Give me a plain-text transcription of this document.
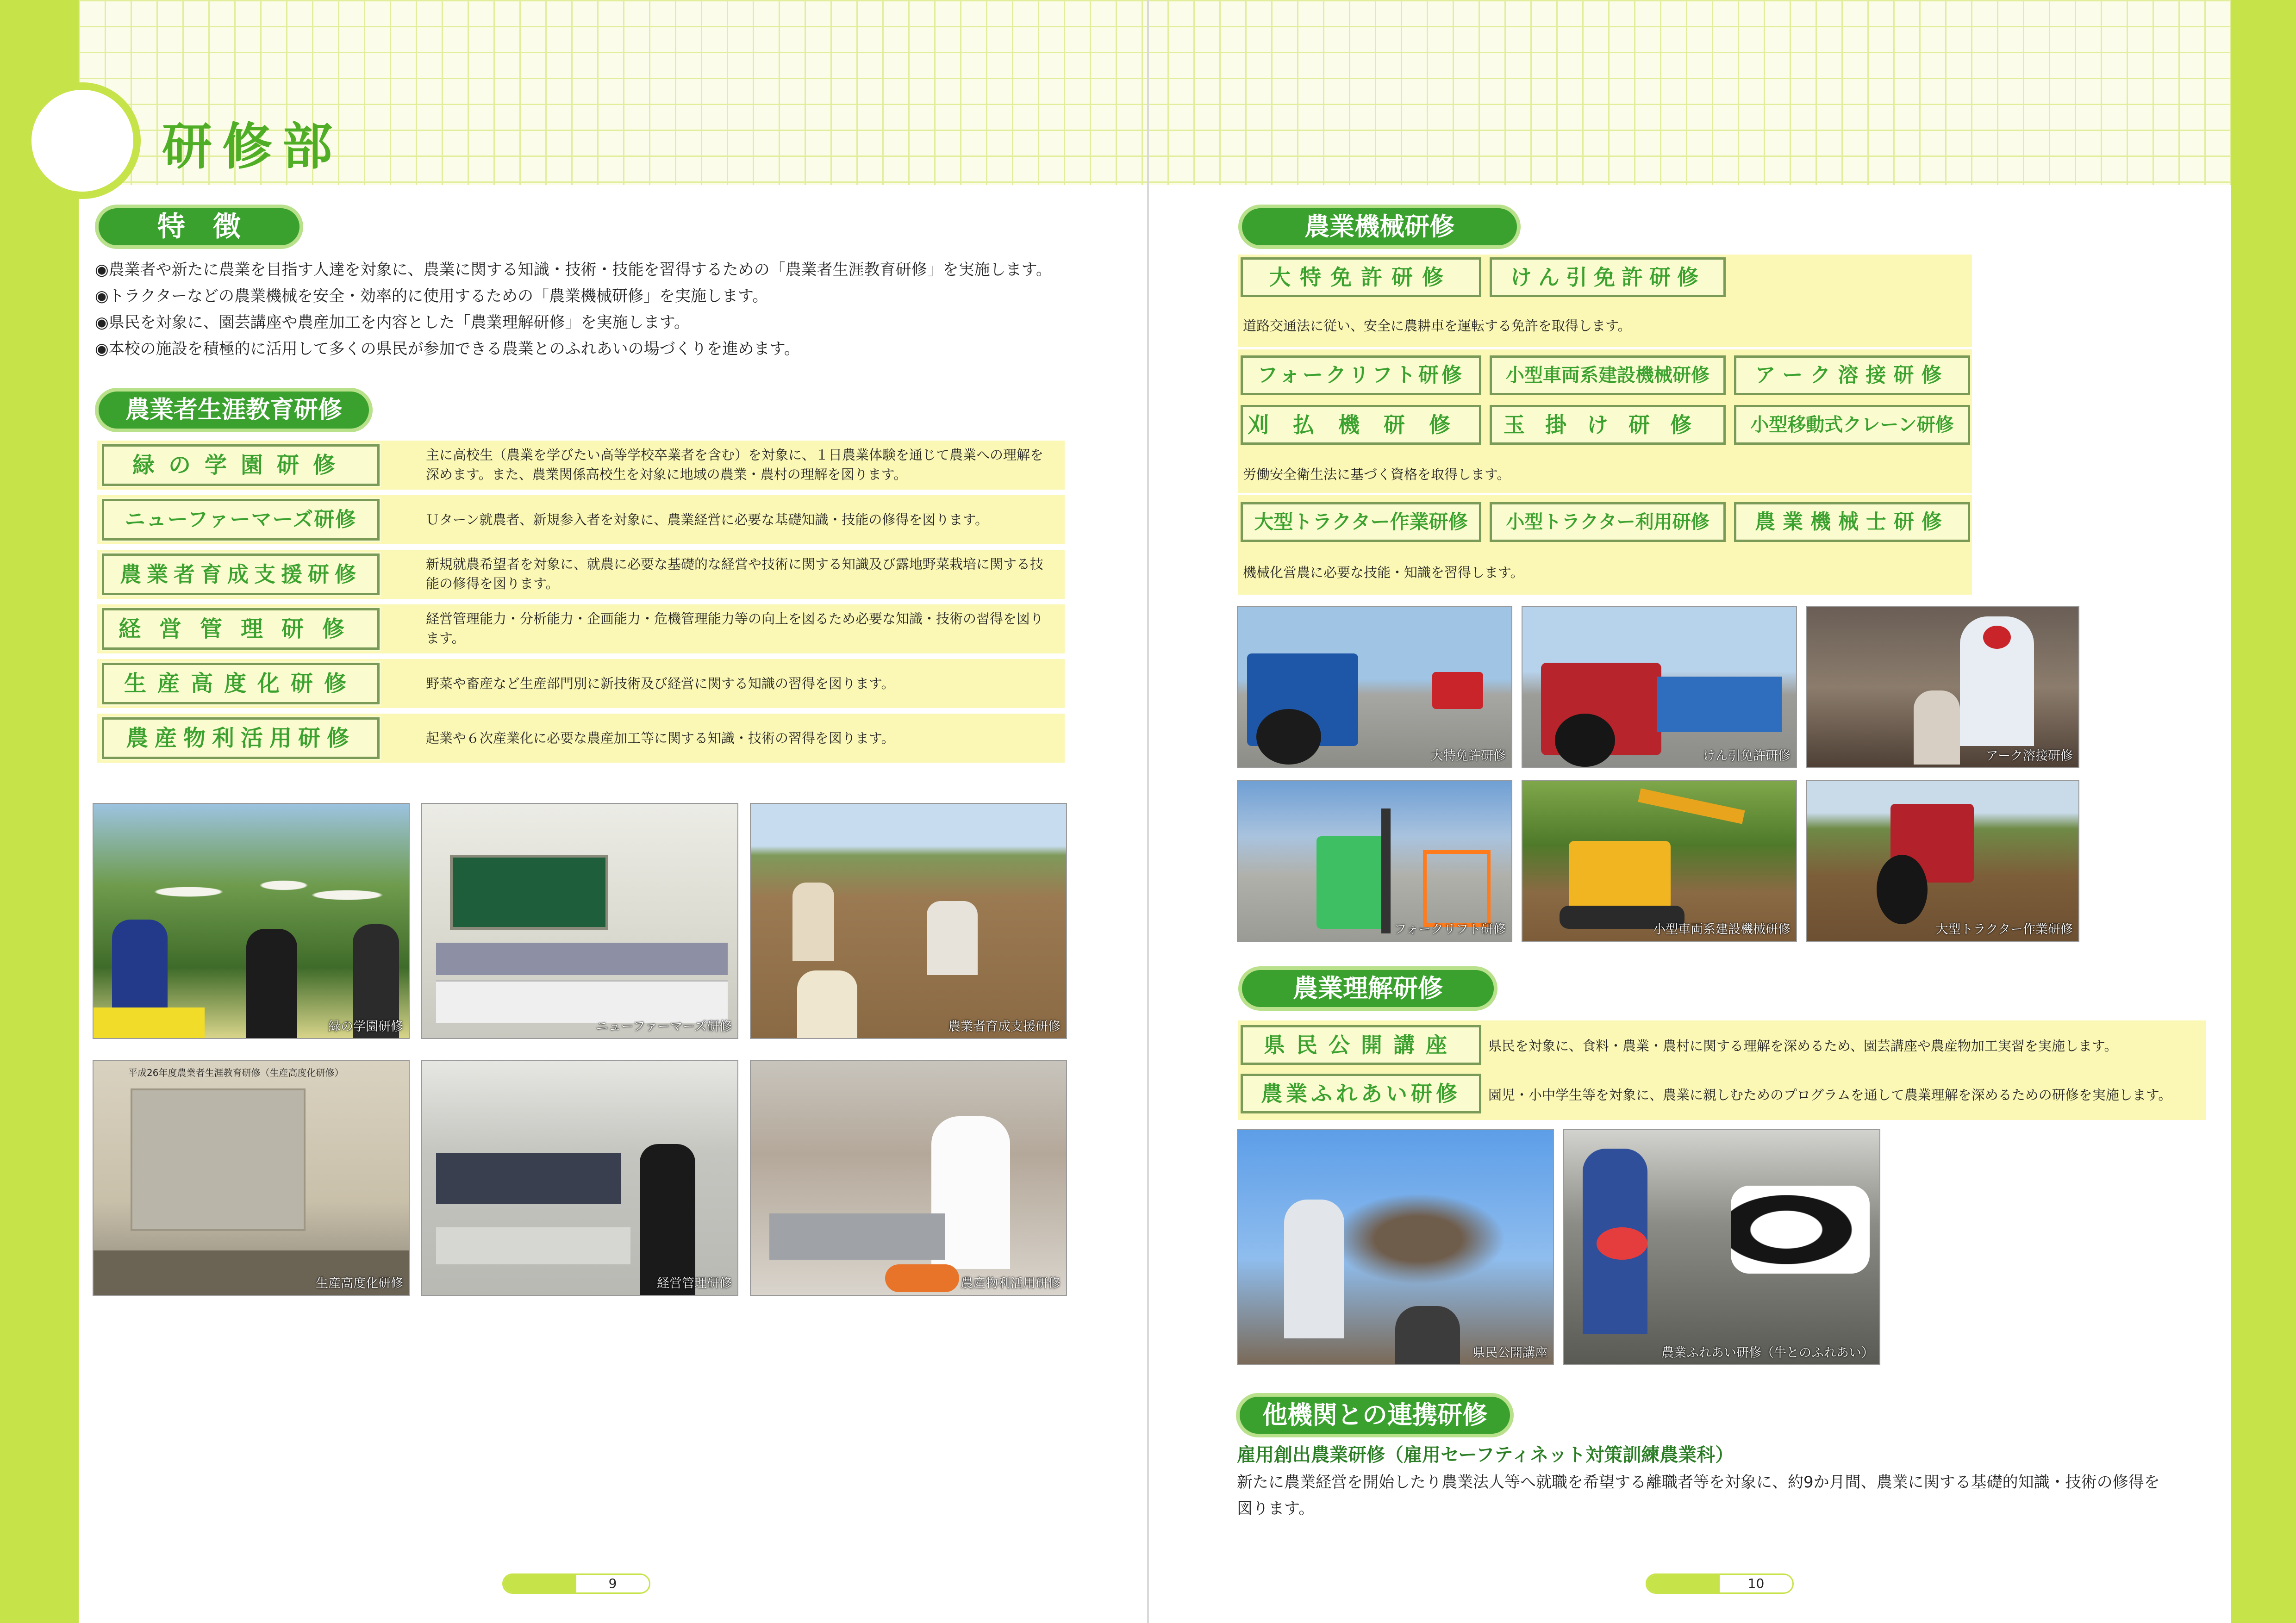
研修部
特　徴
◉農業者や新たに農業を目指す人達を対象に、農業に関する知識・技術・技能を習得するための「農業者生涯教育研修」を実施します。
◉トラクターなどの農業機械を安全・効率的に使用するための「農業機械研修」を実施します。
◉県民を対象に、園芸講座や農産加工を内容とした「農業理解研修」を実施します。
◉本校の施設を積極的に活用して多くの県民が参加できる農業とのふれあいの場づくりを進めます。
農業者生涯教育研修
緑の学園研修	主に高校生（農業を学びたい高等学校卒業者を含む）を対象に、１日農業体験を通じて農業への理解を深めます。また、農業関係高校生を対象に地域の農業・農村の理解を図ります。
ニューファーマーズ研修	Ｕターン就農者、新規参入者を対象に、農業経営に必要な基礎知識・技能の修得を図ります。
農業者育成支援研修	新規就農希望者を対象に、就農に必要な基礎的な経営や技術に関する知識及び露地野菜栽培に関する技能の修得を図ります。
経営管理研修	経営管理能力・分析能力・企画能力・危機管理能力等の向上を図るため必要な知識・技術の習得を図ります。
生産高度化研修	野菜や畜産など生産部門別に新技術及び経営に関する知識の習得を図ります。
農産物利活用研修	起業や６次産業化に必要な農産加工等に関する知識・技術の習得を図ります。
緑の学園研修	ニューファーマーズ研修	農業者育成支援研修
平成26年度農業者生涯教育研修（生産高度化研修）
生産高度化研修	経営管理研修	農産物利活用研修
9
農業機械研修
大特免許研修	けん引免許研修
道路交通法に従い、安全に農耕車を運転する免許を取得します。
フォークリフト研修	小型車両系建設機械研修	アーク溶接研修
刈払機研修	玉掛け研修	小型移動式クレーン研修
労働安全衛生法に基づく資格を取得します。
大型トラクター作業研修	小型トラクター利用研修	農業機械士研修
機械化営農に必要な技能・知識を習得します。
大特免許研修	けん引免許研修	アーク溶接研修
フォークリフト研修	小型車両系建設機械研修	大型トラクター作業研修
農業理解研修
県民公開講座	県民を対象に、食料・農業・農村に関する理解を深めるため、園芸講座や農産物加工実習を実施します。
農業ふれあい研修	園児・小中学生等を対象に、農業に親しむためのプログラムを通して農業理解を深めるための研修を実施します。
県民公開講座	農業ふれあい研修（牛とのふれあい）
他機関との連携研修
雇用創出農業研修（雇用セーフティネット対策訓練農業科）
新たに農業経営を開始したり農業法人等へ就職を希望する離職者等を対象に、約9か月間、農業に関する基礎的知識・技術の修得を
図ります。
10
